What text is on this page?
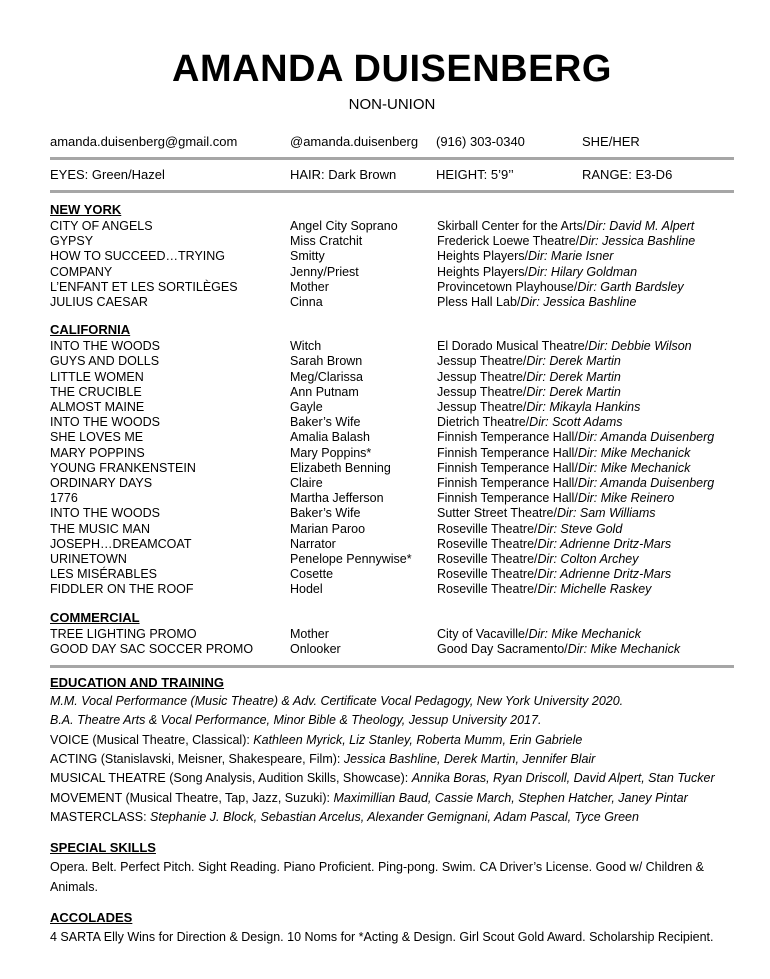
AMANDA DUISENBERG
NON-UNION
amanda.duisenberg@gmail.com	@amanda.duisenberg	(916) 303-0340	SHE/HER
EYES: Green/Hazel	HAIR: Dark Brown	HEIGHT: 5’9’’	RANGE: E3-D6
NEW YORK
CITY OF ANGELS	Angel City Soprano	Skirball Center for the Arts/Dir: David M. Alpert
GYPSY	Miss Cratchit	Frederick Loewe Theatre/Dir: Jessica Bashline
HOW TO SUCCEED…TRYING	Smitty	Heights Players/Dir: Marie Isner
COMPANY	Jenny/Priest	Heights Players/Dir: Hilary Goldman
L’ENFANT ET LES SORTILÈGES	Mother	Provincetown Playhouse/Dir: Garth Bardsley
JULIUS CAESAR	Cinna	Pless Hall Lab/Dir: Jessica Bashline
CALIFORNIA
INTO THE WOODS	Witch	El Dorado Musical Theatre/Dir: Debbie Wilson
GUYS AND DOLLS	Sarah Brown	Jessup Theatre/Dir: Derek Martin
LITTLE WOMEN	Meg/Clarissa	Jessup Theatre/Dir: Derek Martin
THE CRUCIBLE	Ann Putnam	Jessup Theatre/Dir: Derek Martin
ALMOST MAINE	Gayle	Jessup Theatre/Dir: Mikayla Hankins
INTO THE WOODS	Baker’s Wife	Dietrich Theatre/Dir: Scott Adams
SHE LOVES ME	Amalia Balash	Finnish Temperance Hall/Dir: Amanda Duisenberg
MARY POPPINS	Mary Poppins*	Finnish Temperance Hall/Dir: Mike Mechanick
YOUNG FRANKENSTEIN	Elizabeth Benning	Finnish Temperance Hall/Dir: Mike Mechanick
ORDINARY DAYS	Claire	Finnish Temperance Hall/Dir: Amanda Duisenberg
1776	Martha Jefferson	Finnish Temperance Hall/Dir: Mike Reinero
INTO THE WOODS	Baker’s Wife	Sutter Street Theatre/Dir: Sam Williams
THE MUSIC MAN	Marian Paroo	Roseville Theatre/Dir: Steve Gold
JOSEPH…DREAMCOAT	Narrator	Roseville Theatre/Dir: Adrienne Dritz-Mars
URINETOWN	Penelope Pennywise*	Roseville Theatre/Dir: Colton Archey
LES MISÉRABLES	Cosette	Roseville Theatre/Dir: Adrienne Dritz-Mars
FIDDLER ON THE ROOF	Hodel	Roseville Theatre/Dir: Michelle Raskey
COMMERCIAL
TREE LIGHTING PROMO	Mother	City of Vacaville/Dir: Mike Mechanick
GOOD DAY SAC SOCCER PROMO	Onlooker	Good Day Sacramento/Dir: Mike Mechanick
EDUCATION AND TRAINING
M.M. Vocal Performance (Music Theatre) & Adv. Certificate Vocal Pedagogy, New York University 2020.
B.A. Theatre Arts & Vocal Performance, Minor Bible & Theology, Jessup University 2017.
VOICE (Musical Theatre, Classical): Kathleen Myrick, Liz Stanley, Roberta Mumm, Erin Gabriele
ACTING (Stanislavski, Meisner, Shakespeare, Film): Jessica Bashline, Derek Martin, Jennifer Blair
MUSICAL THEATRE (Song Analysis, Audition Skills, Showcase): Annika Boras, Ryan Driscoll, David Alpert, Stan Tucker
MOVEMENT (Musical Theatre, Tap, Jazz, Suzuki): Maximillian Baud, Cassie March, Stephen Hatcher, Janey Pintar
MASTERCLASS: Stephanie J. Block, Sebastian Arcelus, Alexander Gemignani, Adam Pascal, Tyce Green
SPECIAL SKILLS

Opera. Belt. Perfect Pitch. Sight Reading. Piano Proficient. Ping-pong. Swim. CA Driver’s License. Good w/ Children & Animals.

ACCOLADES

4 SARTA Elly Wins for Direction & Design. 10 Noms for *Acting & Design. Girl Scout Gold Award. Scholarship Recipient.
